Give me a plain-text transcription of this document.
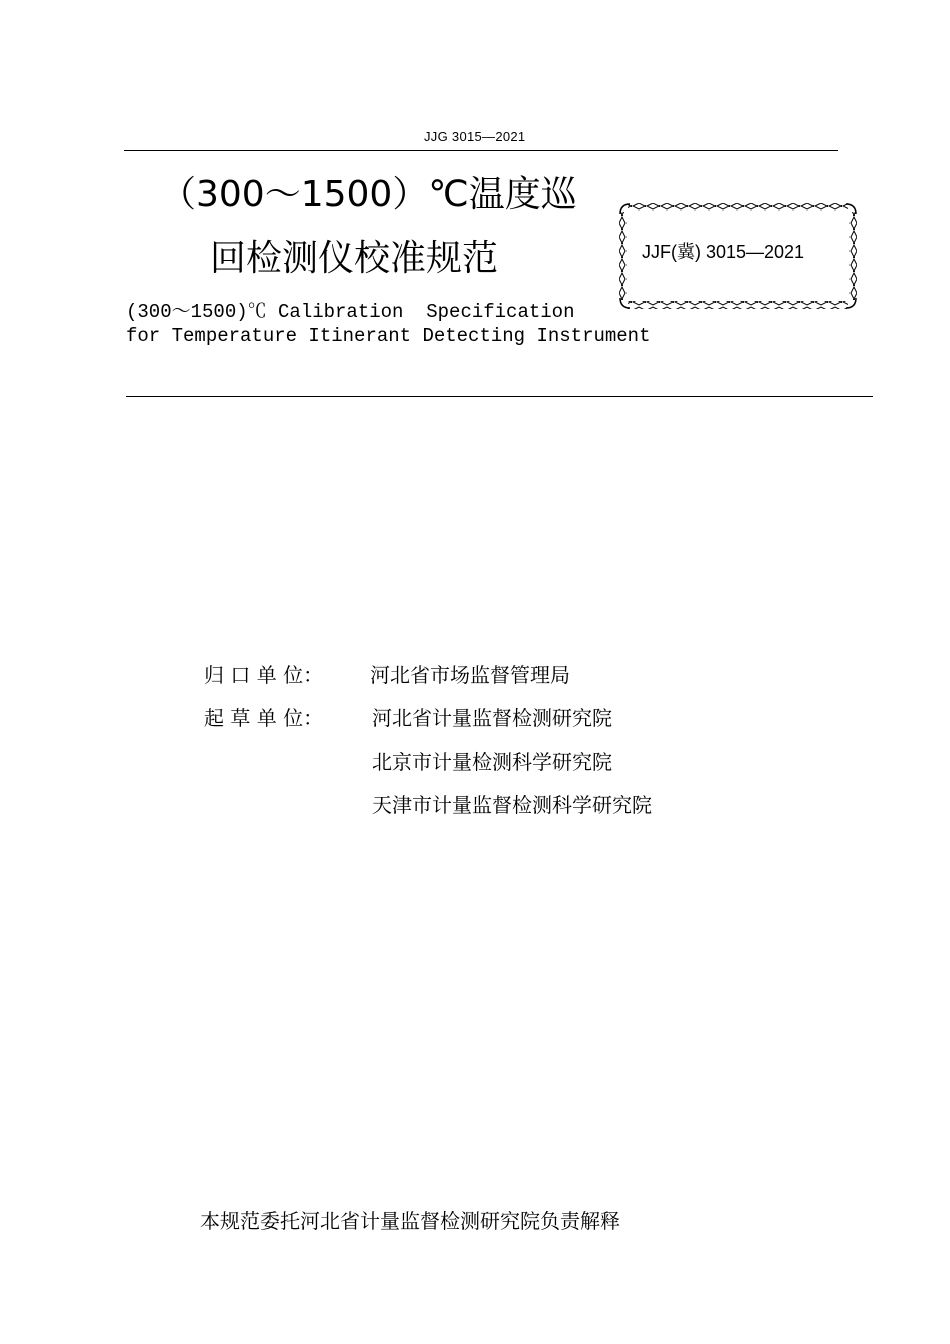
JJG 3015—2021
（300～1500）℃温度巡
回检测仪校准规范
(300～1500)℃ Calibration  Specification
for Temperature Itinerant Detecting Instrument
JJF(冀) 3015—2021
归 口 单 位： 河北省市场监督管理局
起 草 单 位： 河北省计量监督检测研究院
北京市计量检测科学研究院
天津市计量监督检测科学研究院
本规范委托河北省计量监督检测研究院负责解释
